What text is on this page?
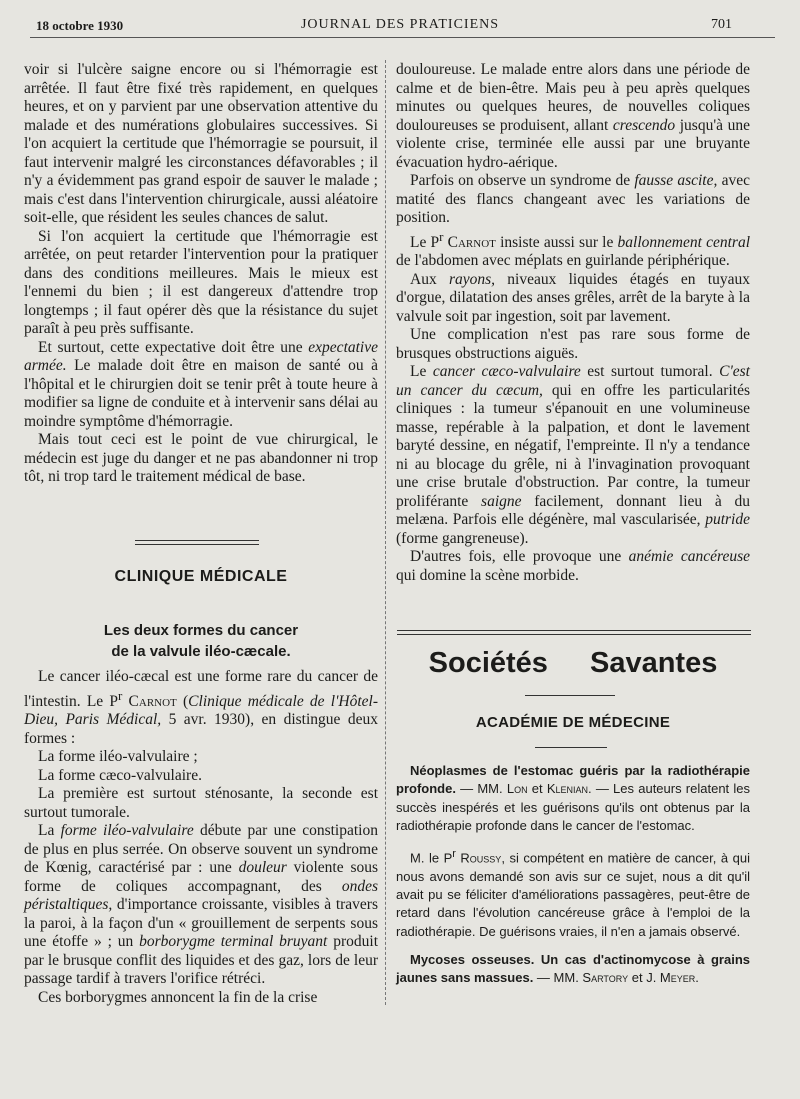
18 octobre 1930	JOURNAL DES PRATICIENS	701

voir si l'ulcère saigne encore ou si l'hémorragie est arrêtée. Il faut être fixé très rapidement, en quelques heures, et on y parvient par une observation attentive du malade et des numérations globulaires successives. Si l'on acquiert la certitude que l'hémorragie se poursuit, il faut intervenir malgré les circonstances défavorables ; il n'y a évidemment pas grand espoir de sauver le malade ; mais c'est dans l'intervention chirurgicale, aussi aléatoire soit-elle, que résident les seules chances de salut.

Si l'on acquiert la certitude que l'hémorragie est arrêtée, on peut retarder l'intervention pour la pratiquer dans des conditions meilleures. Mais le mieux est l'ennemi du bien ; il est dangereux d'attendre trop longtemps ; il faut opérer dès que la résistance du sujet paraît à peu près suffisante.

Et surtout, cette expectative doit être une expectative armée. Le malade doit être en maison de santé ou à l'hôpital et le chirurgien doit se tenir prêt à toute heure à modifier sa ligne de conduite et à intervenir sans délai au moindre symptôme d'hémorragie.

Mais tout ceci est le point de vue chirurgical, le médecin est juge du danger et ne pas abandonner ni trop tôt, ni trop tard le traitement médical de base.

CLINIQUE MÉDICALE
Les deux formes du cancer
de la valvule iléo-cæcale.

Le cancer iléo-cæcal est une forme rare du cancer de l'intestin. Le $P^r$ Carnot (Clinique médicale de l'Hôtel-Dieu, Paris Médical, 5 avr. 1930), en distingue deux formes :

La forme iléo-valvulaire ;

La forme cæco-valvulaire.

La première est surtout sténosante, la seconde est surtout tumorale.

La forme iléo-valvulaire débute par une constipation de plus en plus serrée. On observe souvent un syndrome de Kœnig, caractérisé par : une douleur violente sous forme de coliques accompagnant, des ondes péristaltiques, d'importance croissante, visibles à travers la paroi, à la façon d'un « grouillement de serpents sous une étoffe » ; un borborygme terminal bruyant produit par le brusque conflit des liquides et des gaz, lors de leur passage tardif à travers l'orifice rétréci.

Ces borborygmes annoncent la fin de la crise

douloureuse. Le malade entre alors dans une période de calme et de bien-être. Mais peu à peu après quelques minutes ou quelques heures, de nouvelles coliques douloureuses se produisent, allant crescendo jusqu'à une violente crise, terminée elle aussi par une bruyante évacuation hydro-aérique.

Parfois on observe un syndrome de fausse ascite, avec matité des flancs changeant avec les variations de position.

Le $P^r$ Carnot insiste aussi sur le ballonnement central de l'abdomen avec méplats en guirlande périphérique.

Aux rayons, niveaux liquides étagés en tuyaux d'orgue, dilatation des anses grêles, arrêt de la baryte à la valvule soit par ingestion, soit par lavement.

Une complication n'est pas rare sous forme de brusques obstructions aiguës.

Le cancer cæco-valvulaire est surtout tumoral. C'est un cancer du cæcum, qui en offre les particularités cliniques : la tumeur s'épanouit en une volumineuse masse, repérable à la palpation, et dont le lavement baryté dessine, en négatif, l'empreinte. Il n'y a tendance ni au blocage du grêle, ni à l'invagination provoquant une crise brutale d'obstruction. Par contre, la tumeur proliférante saigne facilement, donnant lieu à du melæna. Parfois elle dégénère, mal vascularisée, putride (forme gangreneuse).

D'autres fois, elle provoque une anémie cancéreuse qui domine la scène morbide.

Sociétés Savantes
ACADÉMIE DE MÉDECINE

Néoplasmes de l'estomac guéris par la radiothérapie profonde. — MM. Lon et Klenian. — Les auteurs relatent les succès inespérés et les guérisons qu'ils ont obtenus par la radiothérapie profonde dans le cancer de l'estomac.

M. le $P^r$ Roussy, si compétent en matière de cancer, à qui nous avons demandé son avis sur ce sujet, nous a dit qu'il avait pu se féliciter d'améliorations passagères, peut-être de retard dans l'évolution cancéreuse grâce à l'emploi de la radiothérapie. De guérisons vraies, il n'en a jamais observé.

Mycoses osseuses. Un cas d'actinomycose à grains jaunes sans massues. — MM. Sartory et J. Meyer.
